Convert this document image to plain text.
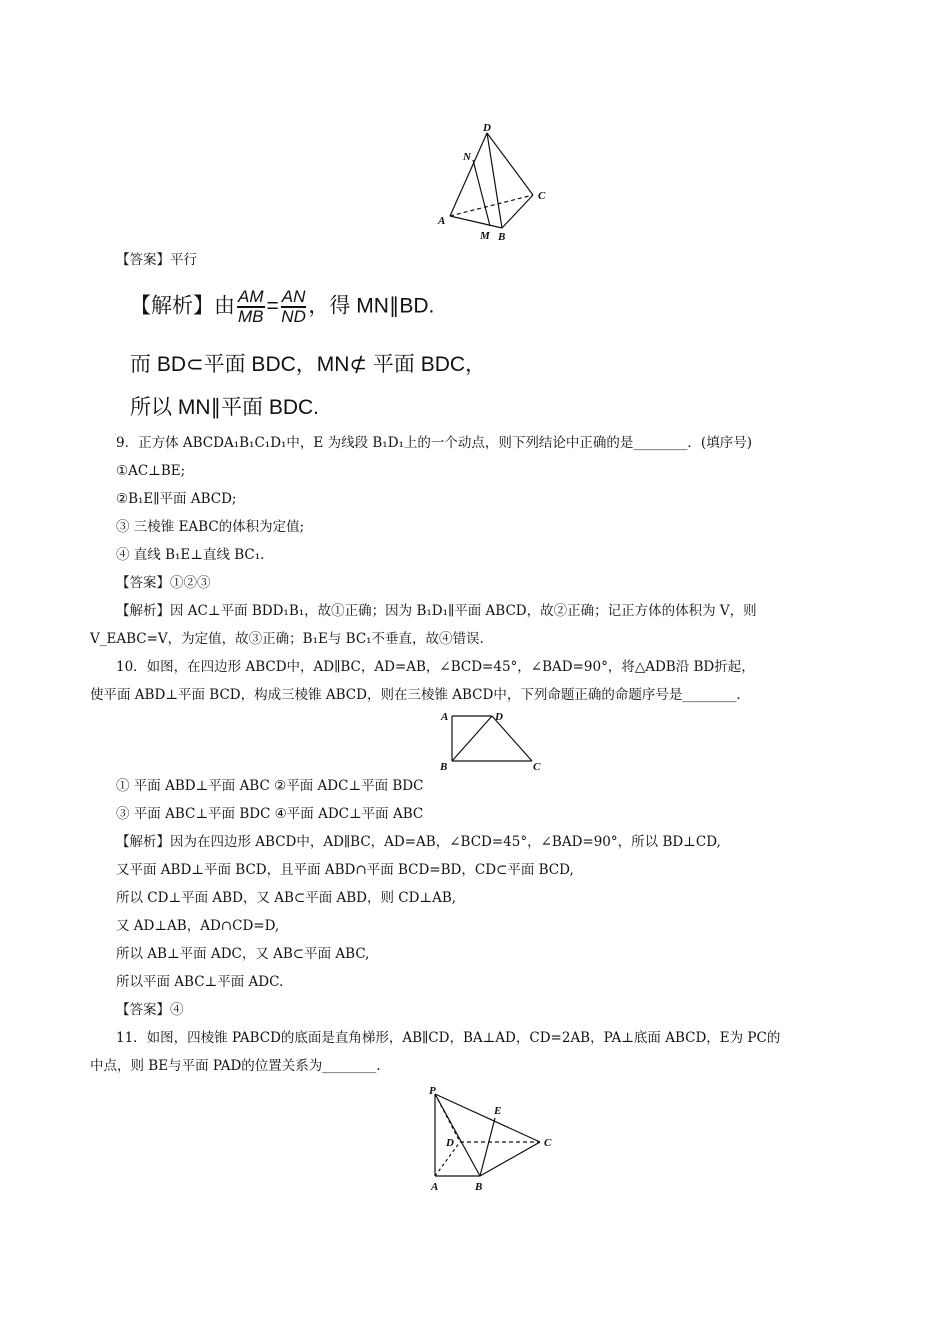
D
N
C
A
M B
【答案】平行
【解析】由 $\frac{AM}{MB} = \frac{AN}{ND}$ ，得 MN∥BD.
而 BD⊂平面 BDC，MN⊄ 平面 BDC，
所以 MN∥平面 BDC.
9．正方体 ABCDA₁B₁C₁D₁中，E 为线段 B₁D₁上的一个动点，则下列结论中正确的是________．(填序号)
①AC⊥BE;
②B₁E∥平面 ABCD;
③ 三棱锥 EABC的体积为定值;
④ 直线 B₁E⊥直线 BC₁.
【答案】①②③
【解析】因 AC⊥平面 BDD₁B₁，故①正确；因为 B₁D₁∥平面 ABCD，故②正确；记正方体的体积为 V，则
V_EABC=V，为定值，故③正确；B₁E与 BC₁不垂直，故④错误.
10．如图，在四边形 ABCD中，AD∥BC，AD=AB，∠BCD=45°，∠BAD=90°，将△ADB沿 BD折起，
使平面 ABD⊥平面 BCD，构成三棱锥 ABCD，则在三棱锥 ABCD中，下列命题正确的命题序号是________.
A	D
B	C
① 平面 ABD⊥平面 ABC ②平面 ADC⊥平面 BDC
③ 平面 ABC⊥平面 BDC ④平面 ADC⊥平面 ABC
【解析】因为在四边形 ABCD中，AD∥BC，AD=AB，∠BCD=45°，∠BAD=90°，所以 BD⊥CD,
又平面 ABD⊥平面 BCD，且平面 ABD∩平面 BCD=BD，CD⊂平面 BCD,
所以 CD⊥平面 ABD，又 AB⊂平面 ABD，则 CD⊥AB,
又 AD⊥AB，AD∩CD=D,
所以 AB⊥平面 ADC，又 AB⊂平面 ABC,
所以平面 ABC⊥平面 ADC.
【答案】④
11．如图，四棱锥 PABCD的底面是直角梯形，AB∥CD，BA⊥AD，CD=2AB，PA⊥底面 ABCD，E为 PC的
中点，则 BE与平面 PAD的位置关系为________.
P
E
D	C
A	B
